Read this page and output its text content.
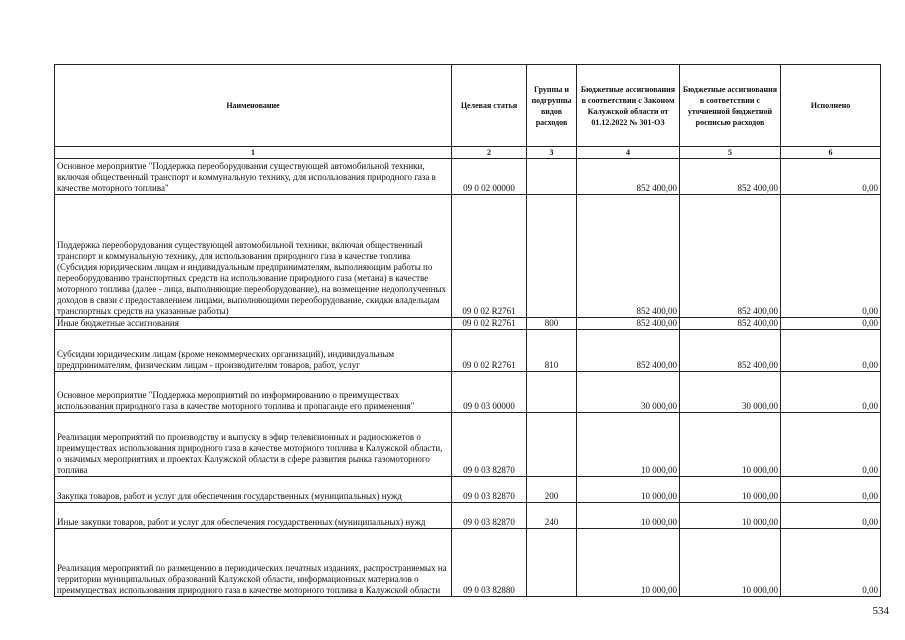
Наименование	Целевая статья	Группы и подгруппы видов расходов	Бюджетные ассигнования в соответствии с Законом Калужской области от 01.12.2022 № 301-ОЗ	Бюджетные ассигнования в соответствии с уточненной бюджетной росписью расходов	Исполнено
1	2	3	4	5	6
Основное мероприятие "Поддержка переоборудования существующей автомобильной техники, включая общественный транспорт и коммунальную технику, для использования природного газа в качестве моторного топлива"	09 0 02 00000		852 400,00	852 400,00	0,00
Поддержка переоборудования существующей автомобильной техники, включая общественный транспорт и коммунальную технику, для использования природного газа в качестве топлива (Субсидия юридическим лицам и индивидуальным предпринимателям, выполняющим работы по переоборудованию транспортных средств на использование природного газа (метана) в качестве моторного топлива (далее - лица, выполняющие переоборудование), на возмещение недополученных доходов в связи с предоставлением лицами, выполняющими переоборудование, скидки владельцам транспортных средств на указанные работы)	09 0 02 R2761		852 400,00	852 400,00	0,00
Иные бюджетные ассигнования	09 0 02 R2761	800	852 400,00	852 400,00	0,00
Субсидии юридическим лицам (кроме некоммерческих организаций), индивидуальным предпринимателям, физическим лицам - производителям товаров, работ, услуг	09 0 02 R2761	810	852 400,00	852 400,00	0,00
Основное мероприятие "Поддержка мероприятий по информированию о преимуществах использования природного газа в качестве моторного топлива и пропаганде его применения"	09 0 03 00000		30 000,00	30 000,00	0,00
Реализация мероприятий по производству и выпуску в эфир телевизионных и радиосюжетов о преимуществах использования природного газа в качестве моторного топлива в Калужской области, о значимых мероприятиях и проектах Калужской области в сфере развития рынка газомоторного топлива	09 0 03 82870		10 000,00	10 000,00	0,00
Закупка товаров, работ и услуг для обеспечения государственных (муниципальных) нужд	09 0 03 82870	200	10 000,00	10 000,00	0,00
Иные закупки товаров, работ и услуг для обеспечения государственных (муниципальных) нужд	09 0 03 82870	240	10 000,00	10 000,00	0,00
Реализация мероприятий по размещению в периодических печатных изданиях, распространяемых на территории муниципальных образований Калужской области, информационных материалов о преимуществах использования природного газа в качестве моторного топлива в Калужской области	09 0 03 82880		10 000,00	10 000,00	0,00
534
